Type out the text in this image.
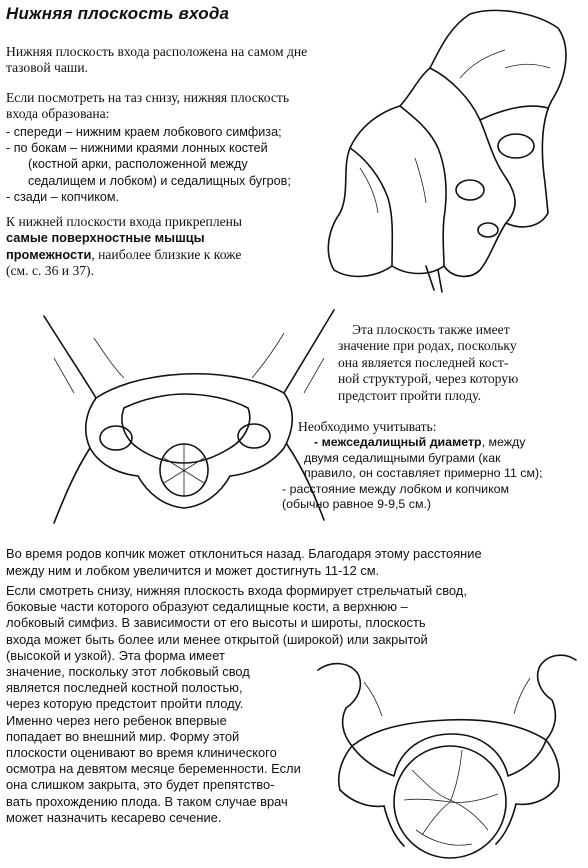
Нижняя плоскость входа
Нижняя плоскость входа расположена на самом дне
тазовой чаши.
Если посмотреть на таз снизу, нижняя плоскость
входа образована:
- спереди – нижним краем лобкового симфиза;
- по бокам – нижними краями лонных костей
(костной арки, расположенной между
седалищем и лобком) и седалищных бугров;
- сзади – копчиком.
К нижней плоскости входа прикреплены
самые поверхностные мышцы
промежности, наиболее близкие к коже
(см. с. 36 и 37).
Эта плоскость также имеет
значение при родах, поскольку
она является последней кост-
ной структурой, через которую
предстоит пройти плоду.
Необходимо учитывать:
- межседалищный диаметр, между
двумя седалищными буграми (как
правило, он составляет примерно 11 см);
- расстояние между лобком и копчиком
(обычно равное 9-9,5 см.)
Во время родов копчик может отклониться назад. Благодаря этому расстояние
между ним и лобком увеличится и может достигнуть 11-12 см.
Если смотреть снизу, нижняя плоскость входа формирует стрельчатый свод,
боковые части которого образуют седалищные кости, а верхнюю –
лобковый симфиз. В зависимости от его высоты и широты, плоскость
входа может быть более или менее открытой (широкой) или закрытой
(высокой и узкой). Эта форма имеет
значение, поскольку этот лобковый свод
является последней костной полостью,
через которую предстоит пройти плоду.
Именно через него ребенок впервые
попадает во внешний мир. Форму этой
плоскости оценивают во время клинического
осмотра на девятом месяце беременности. Если
она слишком закрыта, это будет препятство-
вать прохождению плода. В таком случае врач
может назначить кесарево сечение.
